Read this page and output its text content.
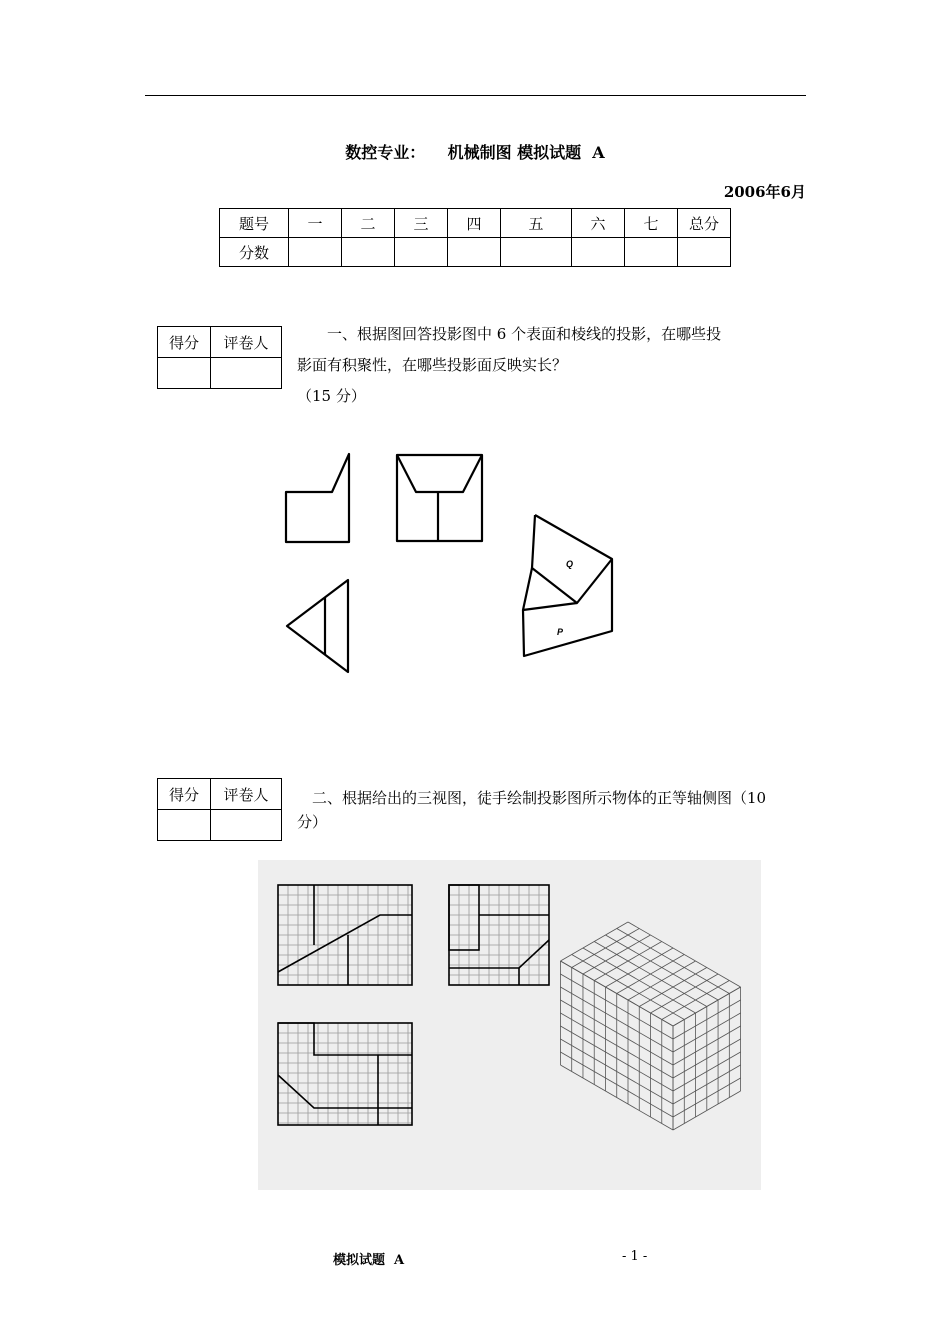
数控专业：    机械制图 模拟试题  A
2006年6月
题号	一	二	三	四	五	六	七	总分
分数								
得分	评卷人
		一、根据图回答投影图中 6 个表面和棱线的投影，在哪些投
影面有积聚性，在哪些投影面反映实长？
（15 分）
Q
P
得分	评卷人
		二、根据给出的三视图，徒手绘制投影图所示物体的正等轴侧图（10
分）
模拟试题  A	- 1 -
